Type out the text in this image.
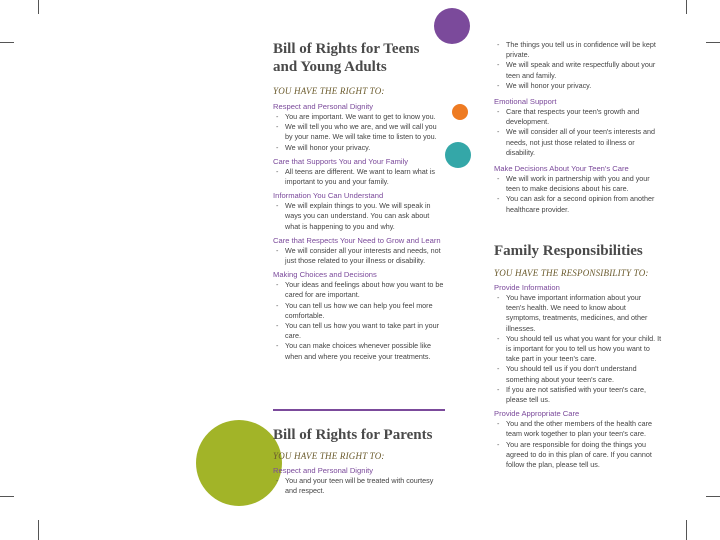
Bill of Rights for Teens
and Young Adults

YOU HAVE THE RIGHT TO:

Respect and Personal Dignity

- You are important. We want to get to know you.
- We will tell you who we are, and we will call you by your name. We will take time to listen to you.
- We will honor your privacy.

Care that Supports You and Your Family

- All teens are different. We want to learn what is important to you and your family.

Information You Can Understand

- We will explain things to you. We will speak in ways you can understand. You can ask about what is happening to you and why.

Care that Respects Your Need to Grow and Learn

- We will consider all your interests and needs, not just those related to your illness or disability.

Making Choices and Decisions

- Your ideas and feelings about how you want to be cared for are important.
- You can tell us how we can help you feel more comfortable.
- You can tell us how you want to take part in your care.
- You can make choices whenever possible like when and where you receive your treatments.
Bill of Rights for Parents

YOU HAVE THE RIGHT TO:

Respect and Personal Dignity

- You and your teen will be treated with courtesy and respect.
- The things you tell us in confidence will be kept private.
- We will speak and write respectfully about your teen and family.
- We will honor your privacy.

Emotional Support

- Care that respects your teen's growth and development.
- We will consider all of your teen's interests and needs, not just those related to illness or disability.

Make Decisions About Your Teen's Care

- We will work in partnership with you and your teen to make decisions about his care.
- You can ask for a second opinion from another healthcare provider.
Family Responsibilities

YOU HAVE THE RESPONSIBILITY TO:

Provide Information

- You have important information about your teen's health. We need to know about symptoms, treatments, medicines, and other illnesses.
- You should tell us what you want for your child. It is important for you to tell us how you want to take part in your teen's care.
- You should tell us if you don't understand something about your teen's care.
- If you are not satisfied with your teen's care, please tell us.

Provide Appropriate Care

- You and the other members of the health care team work together to plan your teen's care.
- You are responsible for doing the things you agreed to do in this plan of care. If you cannot follow the plan, please tell us.
